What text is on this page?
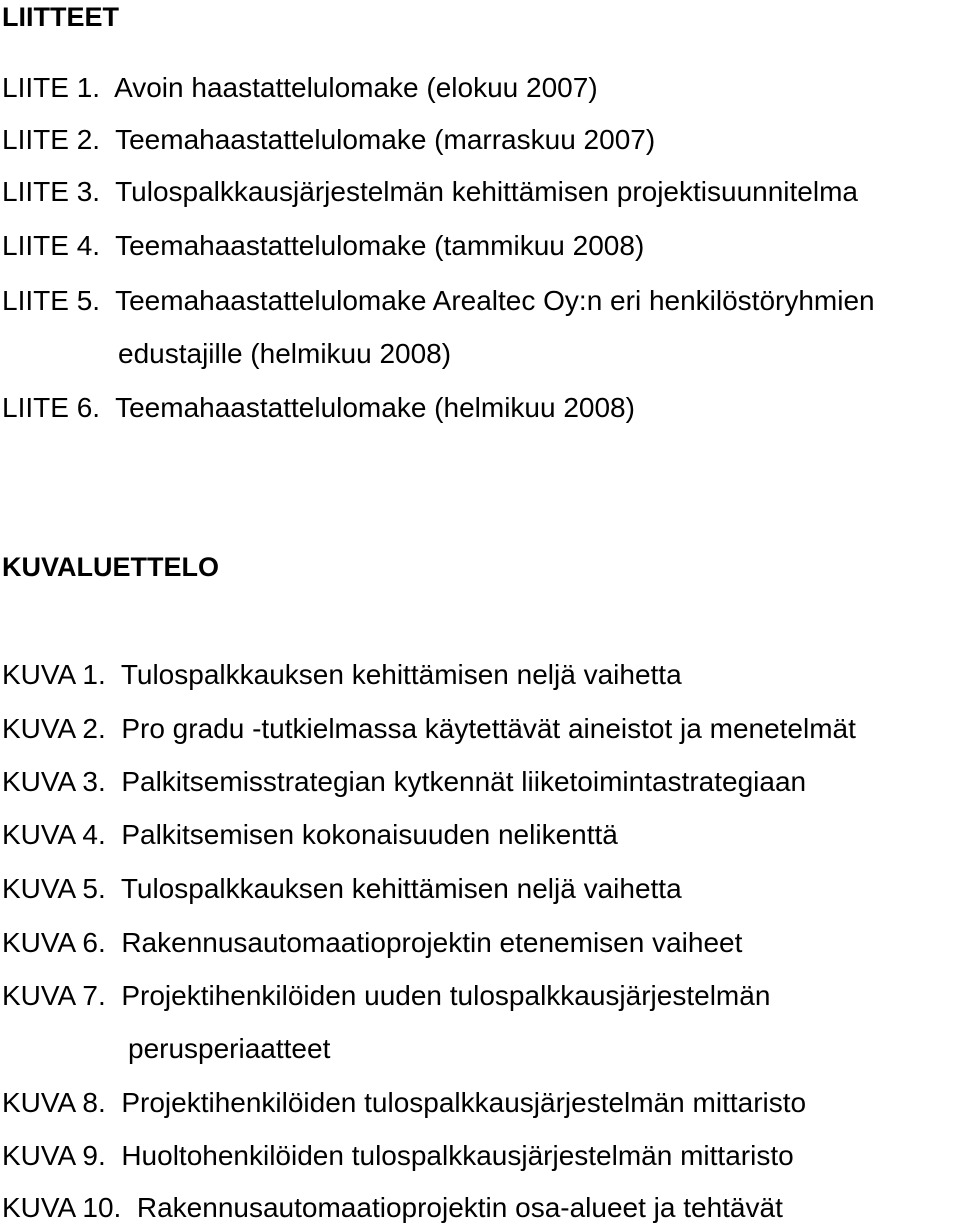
LIITTEET
LIITE 1.  Avoin haastattelulomake (elokuu 2007)
LIITE 2.  Teemahaastattelulomake (marraskuu 2007)
LIITE 3.  Tulospalkkausjärjestelmän kehittämisen projektisuunnitelma
LIITE 4.  Teemahaastattelulomake (tammikuu 2008)
LIITE 5.  Teemahaastattelulomake Arealtec Oy:n eri henkilöstöryhmien
edustajille (helmikuu 2008)
LIITE 6.  Teemahaastattelulomake (helmikuu 2008)
KUVALUETTELO
KUVA 1.  Tulospalkkauksen kehittämisen neljä vaihetta
KUVA 2.  Pro gradu -tutkielmassa käytettävät aineistot ja menetelmät
KUVA 3.  Palkitsemisstrategian kytkennät liiketoimintastrategiaan
KUVA 4.  Palkitsemisen kokonaisuuden nelikenttä
KUVA 5.  Tulospalkkauksen kehittämisen neljä vaihetta
KUVA 6.  Rakennusautomaatioprojektin etenemisen vaiheet
KUVA 7.  Projektihenkilöiden uuden tulospalkkausjärjestelmän
perusperiaatteet
KUVA 8.  Projektihenkilöiden tulospalkkausjärjestelmän mittaristo
KUVA 9.  Huoltohenkilöiden tulospalkkausjärjestelmän mittaristo
KUVA 10.  Rakennusautomaatioprojektin osa-alueet ja tehtävät
